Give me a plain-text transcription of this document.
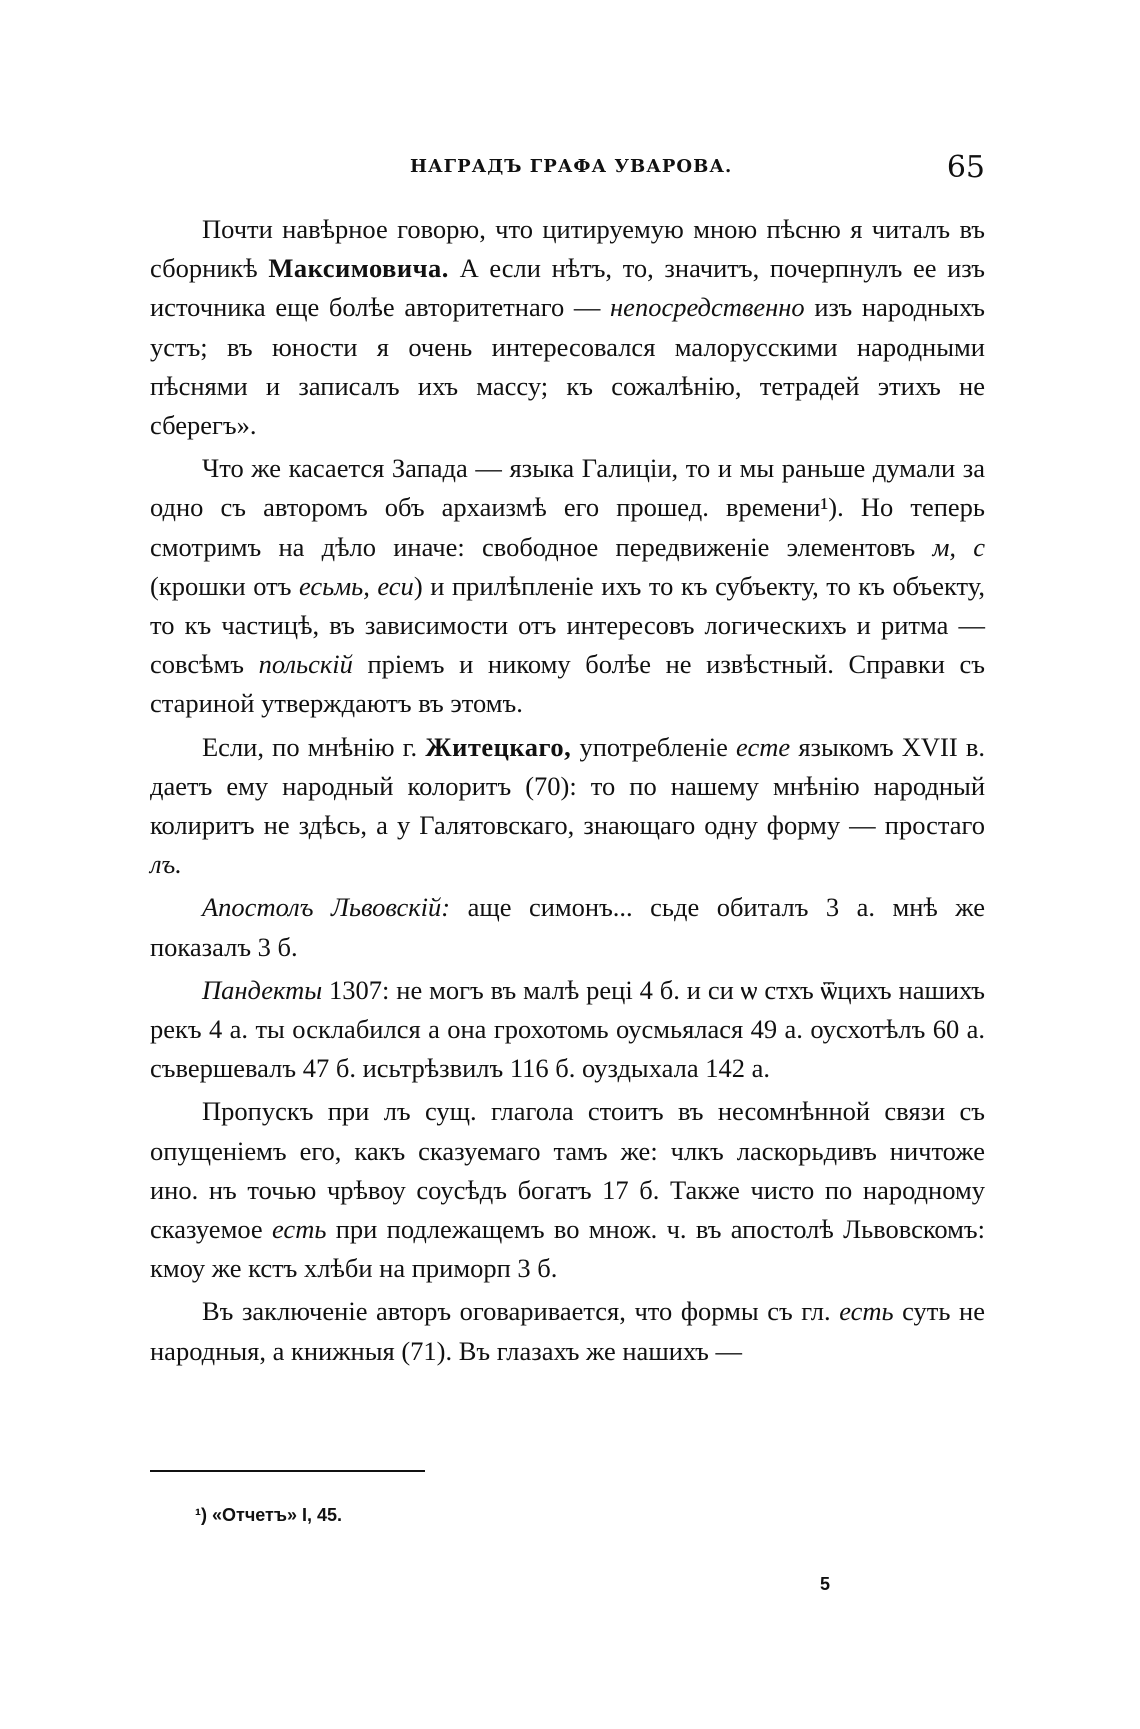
НАГРАДЪ ГРАФА УВАРОВА.	65

Почти навѣрное говорю, что цитируемую мною пѣсню я читалъ въ сборникѣ Максимовича. А если нѣтъ, то, значитъ, почерпнулъ ее изъ источника еще болѣе авторитетнаго — непосредственно изъ народныхъ устъ; въ юности я очень интересовался малорусскими народными пѣснями и записалъ ихъ массу; къ сожалѣнію, тетрадей этихъ не сберегъ».

Что же касается Запада — языка Галиціи, то и мы раньше думали за одно съ авторомъ объ архаизмѣ его прошед. времени¹). Но теперь смотримъ на дѣло иначе: свободное передвиженіе элементовъ м, с (крошки отъ есьмь, еси) и прилѣпленіе ихъ то къ субъекту, то къ объекту, то къ частицѣ, въ зависимости отъ интересовъ логическихъ и ритма — совсѣмъ польскій пріемъ и никому болѣе не извѣстный. Справки съ стариной утверждаютъ въ этомъ.

Если, по мнѣнію г. Житецкаго, употребленіе есте языкомъ XVII в. даетъ ему народный колоритъ (70): то по нашему мнѣнію народный колиритъ не здѣсь, а у Галятовскаго, знающаго одну форму — простаго лъ.

Апостолъ Львовскій: аще симонъ... сьде обиталъ 3 а. мнѣ же показалъ 3 б.

Пандекты 1307: не могъ въ малѣ реці 4 б. и си ѡ стхъ ѿцихъ нашихъ рекъ 4 а. ты осклабился а она грохотомь оусмьялася 49 а. оусхотѣлъ 60 а. съвершевалъ 47 б. исьтрѣзвилъ 116 б. оуздыхала 142 а.

Пропускъ при лъ сущ. глагола стоитъ въ несомнѣнной связи съ опущеніемъ его, какъ сказуемаго тамъ же: члкъ ласкорьдивъ ничтоже ино. нъ точью чрѣвоу соусѣдъ богатъ 17 б. Также чисто по народному сказуемое есть при подлежащемъ во множ. ч. въ апостолѣ Львовскомъ: кмоу же кстъ хлѣби на приморп 3 б.

Въ заключеніе авторъ оговаривается, что формы съ гл. есть суть не народныя, а книжныя (71). Въ глазахъ же нашихъ —

¹) «Отчетъ» I, 45.
5
